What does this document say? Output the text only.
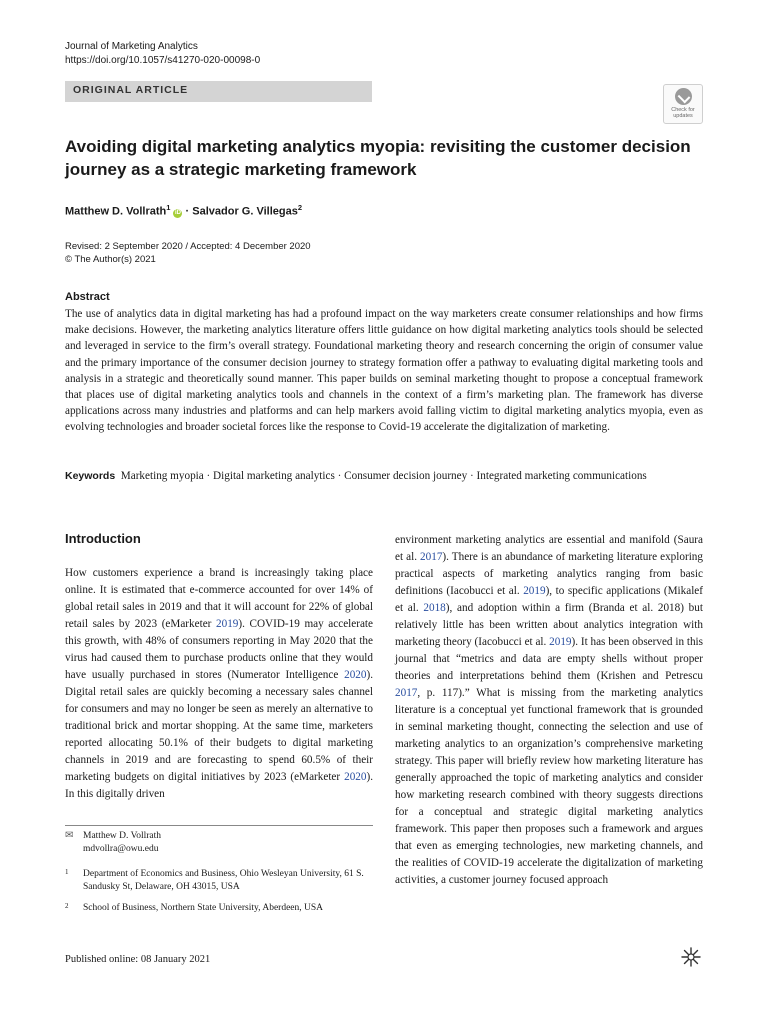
Journal of Marketing Analytics
https://doi.org/10.1057/s41270-020-00098-0
ORIGINAL ARTICLE
Check for
updates
Avoiding digital marketing analytics myopia: revisiting the customer decision journey as a strategic marketing framework
Matthew D. Vollrath$^1$ iD · Salvador G. Villegas$^2$
Revised: 2 September 2020 / Accepted: 4 December 2020
© The Author(s) 2021
Abstract
The use of analytics data in digital marketing has had a profound impact on the way marketers create consumer relationships and how firms make decisions. However, the marketing analytics literature offers little guidance on how digital marketing analytics tools should be selected and leveraged in service to the firm’s overall strategy. Foundational marketing theory and research concerning the origin of consumer value and the primary importance of the consumer decision journey to strategy formation offer a pathway to evaluating digital marketing tools and analysis in a strategic and theoretically sound manner. This paper builds on seminal marketing thought to propose a conceptual framework that places use of digital marketing analytics tools and channels in the context of a firm’s marketing plan. The framework has diverse applications across many industries and platforms and can help markers avoid falling victim to digital marketing analytics myopia, even as evolving technologies and broader societal forces like the response to Covid-19 accelerate the digitalization of marketing.
Keywords Marketing myopia · Digital marketing analytics · Consumer decision journey · Integrated marketing communications
Introduction
How customers experience a brand is increasingly taking place online. It is estimated that e-commerce accounted for over 14% of global retail sales in 2019 and that it will account for 22% of global retail sales by 2023 (eMarketer 2019). COVID-19 may accelerate this growth, with 48% of consumers reporting in May 2020 that the virus had caused them to purchase products online that they would have usually purchased in stores (Numerator Intelligence 2020). Digital retail sales are quickly becoming a necessary sales channel for consumers and may no longer be seen as merely an alternative to traditional brick and mortar shopping. At the same time, marketers reported allocating 50.1% of their budgets to digital marketing channels in 2019 and are forecasting to spend 60.5% of their marketing budgets on digital initiatives by 2023 (eMarketer 2020). In this digitally driven
environment marketing analytics are essential and manifold (Saura et al. 2017). There is an abundance of marketing literature exploring practical aspects of marketing analytics ranging from basic definitions (Iacobucci et al. 2019), to specific applications (Mikalef et al. 2018), and adoption within a firm (Branda et al. 2018) but relatively little has been written about analytics integration with marketing theory (Iacobucci et al. 2019). It has been observed in this journal that “metrics and data are empty shells without proper theories and interpretations behind them (Krishen and Petrescu 2017, p. 117).” What is missing from the marketing analytics literature is a conceptual yet functional framework that is grounded in seminal marketing thought, connecting the selection and use of marketing analytics to an organization’s comprehensive marketing strategy. This paper will briefly review how marketing literature has generally approached the topic of marketing analytics and consider how marketing research combined with theory suggests directions for a conceptual and strategic digital marketing analytics framework. This paper then proposes such a framework and argues that even as emerging technologies, new marketing channels, and the realities of COVID-19 accelerate the digitalization of marketing activities, a customer journey focused approach
✉ Matthew D. Vollrath
mdvollra@owu.edu
1 Department of Economics and Business, Ohio Wesleyan University, 61 S. Sandusky St, Delaware, OH 43015, USA
2 School of Business, Northern State University, Aberdeen, USA
Published online: 08 January 2021
